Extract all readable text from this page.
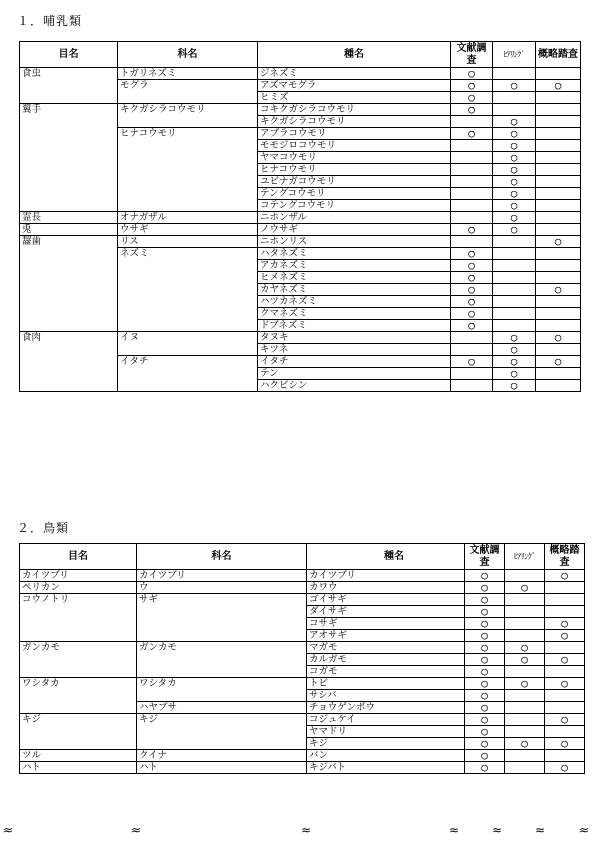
１．哺乳類
目名	科名	種名	文献調査	ﾋｱﾘﾝｸﾞ	概略踏査
食虫	トガリネズミ	ジネズミ	○		
	モグラ	アズマモグラ	○	○	○
		ヒミズ	○		
翼手	キクガシラコウモリ	コキクガシラコウモリ	○		
		キクガシラコウモリ		○	
	ヒナコウモリ	アブラコウモリ	○	○	
		モモジロコウモリ		○	
		ヤマコウモリ		○	
		ヒナコウモリ		○	
		ユビナガコウモリ		○	
		テングコウモリ		○	
		コテングコウモリ		○	
霊長	オナガザル	ニホンザル		○	
兎	ウサギ	ノウサギ	○	○	
齧歯	リス	ニホンリス			○
	ネズミ	ハタネズミ	○		
		アカネズミ	○		
		ヒメネズミ	○		
		カヤネズミ	○		○
		ハツカネズミ	○		
		クマネズミ	○		
		ドブネズミ	○		
食肉	イヌ	タヌキ		○	○
		キツネ		○	
	イタチ	イタチ	○	○	○
		テン		○	
		ハクビシン		○	
２．鳥類
目名	科名	種名	文献調査	ﾋｱﾘﾝｸﾞ	概略踏査
カイツブリ	カイツブリ	カイツブリ	○		○
ペリカン	ウ	カワウ	○	○	
コウノトリ	サギ	ゴイサギ	○		
		ダイサギ	○		
		コサギ	○		○
		アオサギ	○		○
ガンカモ	ガンカモ	マガモ	○	○	
		カルガモ	○	○	○
		コガモ	○		
ワシタカ	ワシタカ	トビ	○	○	○
		サシバ	○		
	ハヤブサ	チョウゲンボウ	○		
キジ	キジ	コジュケイ	○		○
		ヤマドリ	○		
		キジ	○	○	○
ツル	クイナ	バン	○		
ハト	ハト	キジバト	○		○
≈	≈	≈	≈	≈	≈	≈
